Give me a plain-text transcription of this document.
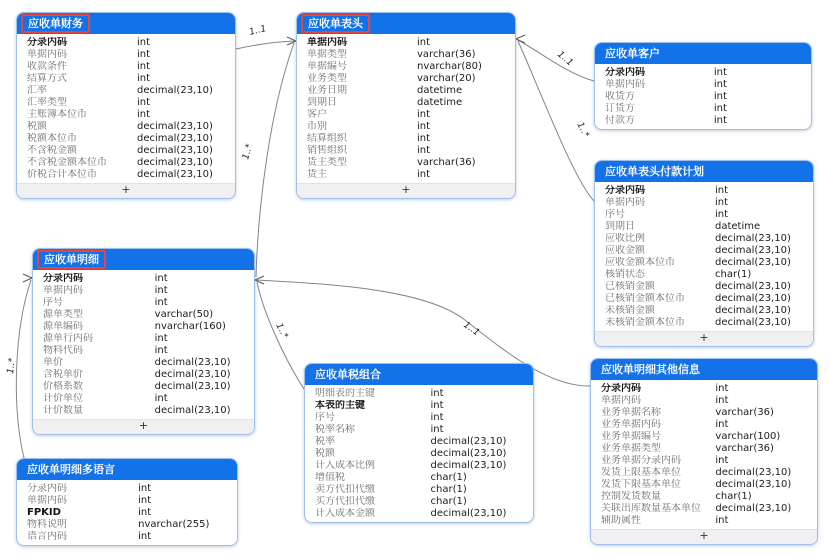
1..1
1..*
1..1
1..*
1..*
1..*	1..1
应收单财务
分录内码	int
单据内码	int
收款条件	int
结算方式	int
汇率	decimal(23,10)
汇率类型	int
主账簿本位币	int
税额	decimal(23,10)
税额本位币	decimal(23,10)
不含税金额	decimal(23,10)
不含税金额本位币	decimal(23,10)
价税合计本位币	decimal(23,10)
+
应收单表头
单据内码	int
单据类型	varchar(36)
单据编号	nvarchar(80)
业务类型	varchar(20)
业务日期	datetime
到期日	datetime
客户	int
币别	int
结算组织	int
销售组织	int
货主类型	varchar(36)
货主	int
+
应收单客户
分录内码	int
单据内码	int
收货方	int
订货方	int
付款方	int
应收单表头付款计划
分录内码	int
单据内码	int
序号	int
到期日	datetime
应收比例	decimal(23,10)
应收金额	decimal(23,10)
应收金额本位币	decimal(23,10)
核销状态	char(1)
已核销金额	decimal(23,10)
已核销金额本位币	decimal(23,10)
未核销金额	decimal(23,10)
未核销金额本位币	decimal(23,10)
+
应收单明细
分录内码	int
单据内码	int
序号	int
源单类型	varchar(50)
源单编码	nvarchar(160)
源单行内码	int
物料代码	int
单价	decimal(23,10)
含税单价	decimal(23,10)
价格系数	decimal(23,10)
计价单位	int
计价数量	decimal(23,10)
+
应收单税组合
明细表的主键	int
本表的主键	int
序号	int
税率名称	int
税率	decimal(23,10)
税额	decimal(23,10)
计入成本比例	decimal(23,10)
增值税	char(1)
卖方代扣代缴	char(1)
买方代扣代缴	char(1)
计入成本金额	decimal(23,10)
应收单明细其他信息
分录内码	int
单据内码	int
业务单据名称	varchar(36)
业务单据内码	int
业务单据编号	varchar(100)
业务单据类型	varchar(36)
业务单据分录内码	int
发货上限基本单位	decimal(23,10)
发货下限基本单位	decimal(23,10)
控制发货数量	char(1)
关联出库数量基本单位	decimal(23,10)
辅助属性	int
+
应收单明细多语言
分录内码	int
单据内码	int
FPKID	int
物料说明	nvarchar(255)
语言内码	int
